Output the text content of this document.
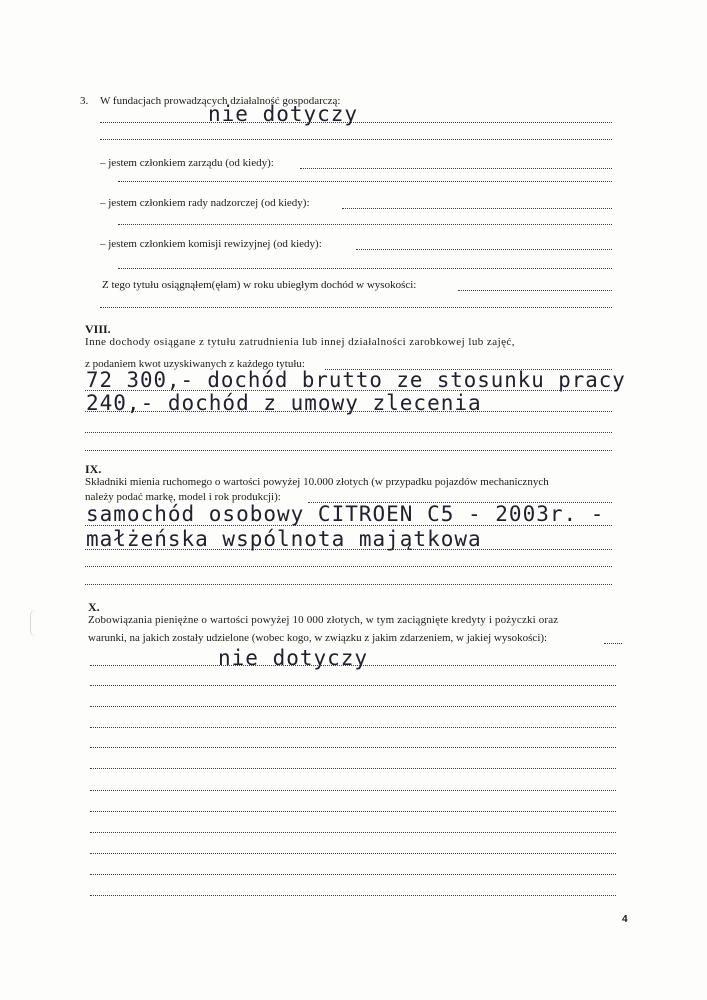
3. W fundacjach prowadzących działalność gospodarczą:
nie dotyczy
– jestem członkiem zarządu (od kiedy):
– jestem członkiem rady nadzorczej (od kiedy):
– jestem członkiem komisji rewizyjnej (od kiedy):
Z tego tytułu osiągnąłem(ęłam) w roku ubiegłym dochód w wysokości:
VIII.
Inne dochody osiągane z tytułu zatrudnienia lub innej działalności zarobkowej lub zajęć,
z podaniem kwot uzyskiwanych z każdego tytułu:
72 300,- dochód brutto ze stosunku pracy
240,- dochód z umowy zlecenia
IX.
Składniki mienia ruchomego o wartości powyżej 10.000 złotych (w przypadku pojazdów mechanicznych
należy podać markę, model i rok produkcji):
samochód osobowy CITROEN C5 - 2003r. -
małżeńska wspólnota majątkowa
X.
Zobowiązania pieniężne o wartości powyżej 10 000 złotych, w tym zaciągnięte kredyty i pożyczki oraz
warunki, na jakich zostały udzielone (wobec kogo, w związku z jakim zdarzeniem, w jakiej wysokości):
nie dotyczy
4
